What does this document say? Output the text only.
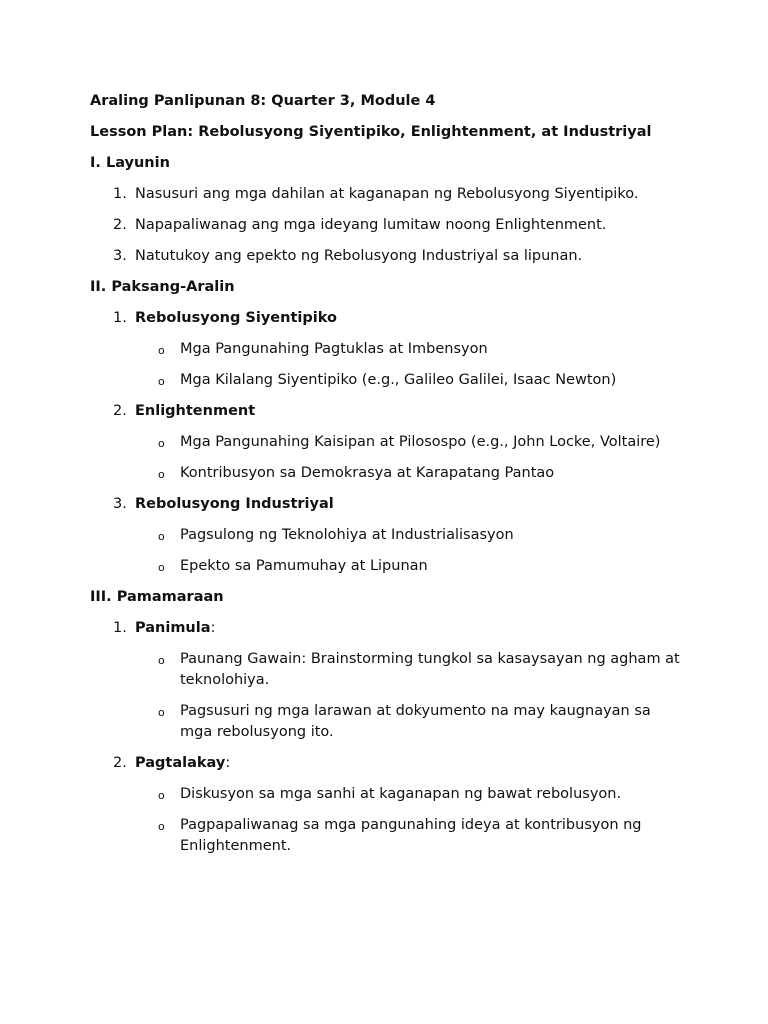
Araling Panlipunan 8: Quarter 3, Module 4

Lesson Plan: Rebolusyong Siyentipiko, Enlightenment, at Industriyal

I. Layunin

1. Nasusuri ang mga dahilan at kaganapan ng Rebolusyong Siyentipiko.
2. Napapaliwanag ang mga ideyang lumitaw noong Enlightenment.
3. Natutukoy ang epekto ng Rebolusyong Industriyal sa lipunan.

II. Paksang-Aralin

1. Rebolusyong Siyentipiko
o Mga Pangunahing Pagtuklas at Imbensyon
o Mga Kilalang Siyentipiko (e.g., Galileo Galilei, Isaac Newton)
2. Enlightenment
o Mga Pangunahing Kaisipan at Pilosospo (e.g., John Locke, Voltaire)
o Kontribusyon sa Demokrasya at Karapatang Pantao
3. Rebolusyong Industriyal
o Pagsulong ng Teknolohiya at Industrialisasyon
o Epekto sa Pamumuhay at Lipunan

III. Pamamaraan

1. Panimula:
o Paunang Gawain: Brainstorming tungkol sa kasaysayan ng agham at teknolohiya.
o Pagsusuri ng mga larawan at dokyumento na may kaugnayan sa mga rebolusyong ito.
2. Pagtalakay:
o Diskusyon sa mga sanhi at kaganapan ng bawat rebolusyon.
o Pagpapaliwanag sa mga pangunahing ideya at kontribusyon ng Enlightenment.
